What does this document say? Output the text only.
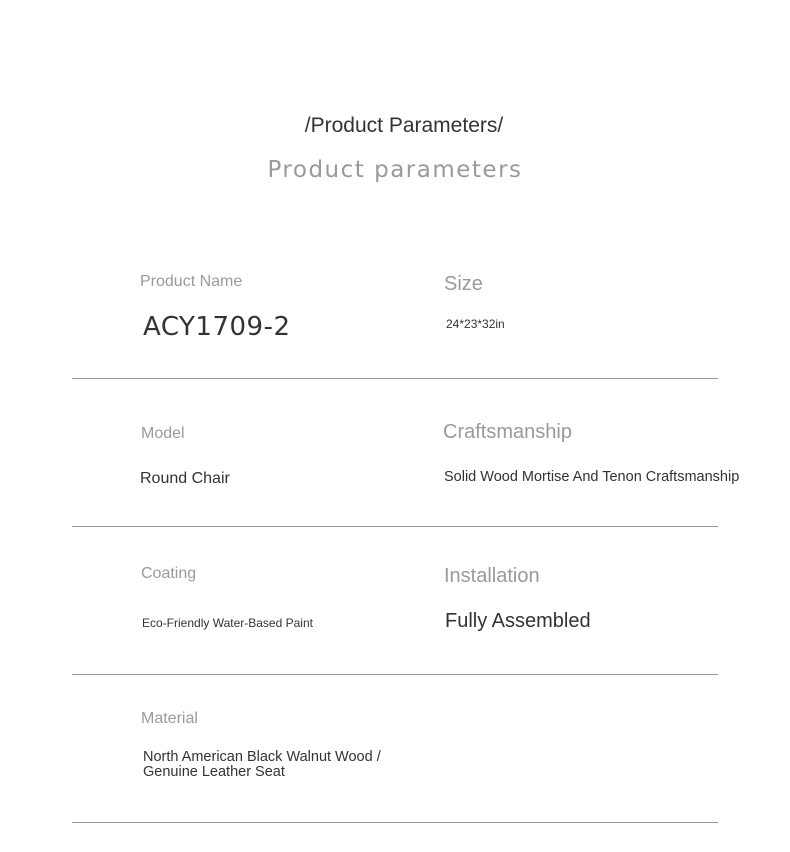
/Product Parameters/
Product parameters
Product Name
ACY1709-2
Size
24*23*32in
Model
Round Chair
Craftsmanship
Solid Wood Mortise And Tenon Craftsmanship
Coating
Eco-Friendly Water-Based Paint
Installation
Fully Assembled
Material
North American Black Walnut Wood /
Genuine Leather Seat
